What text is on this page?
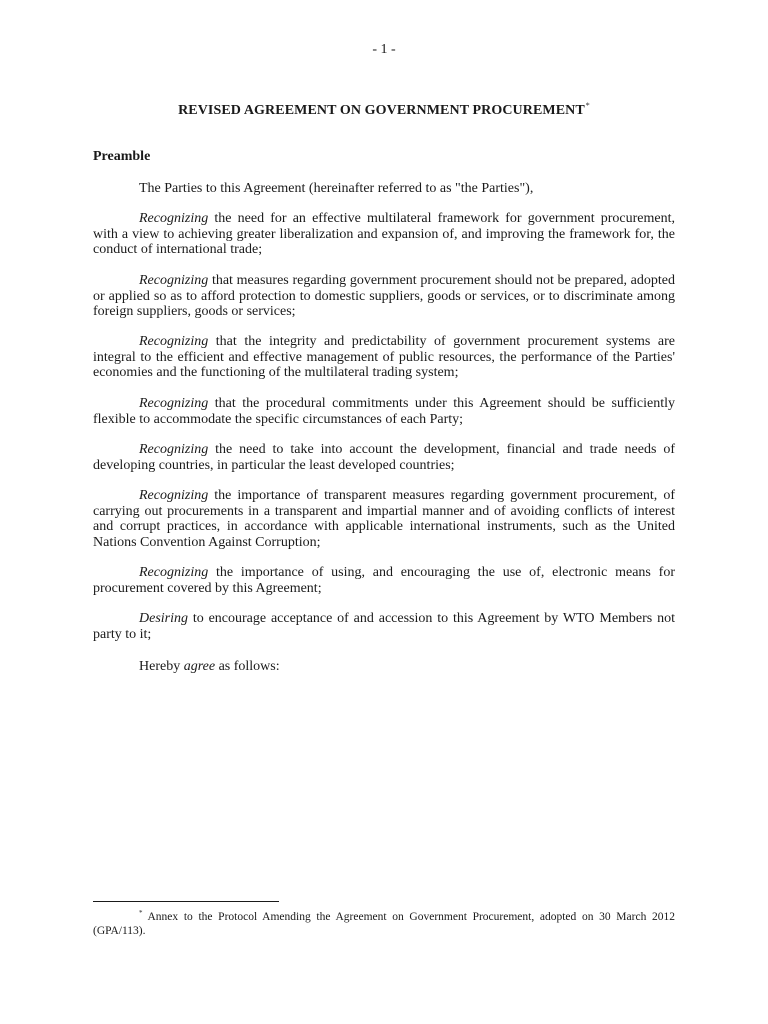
- 1 -
REVISED AGREEMENT ON GOVERNMENT PROCUREMENT*
Preamble

The Parties to this Agreement (hereinafter referred to as "the Parties"),

Recognizing the need for an effective multilateral framework for government procurement, with a view to achieving greater liberalization and expansion of, and improving the framework for, the conduct of international trade;

Recognizing that measures regarding government procurement should not be prepared, adopted or applied so as to afford protection to domestic suppliers, goods or services, or to discriminate among foreign suppliers, goods or services;

Recognizing that the integrity and predictability of government procurement systems are integral to the efficient and effective management of public resources, the performance of the Parties' economies and the functioning of the multilateral trading system;

Recognizing that the procedural commitments under this Agreement should be sufficiently flexible to accommodate the specific circumstances of each Party;

Recognizing the need to take into account the development, financial and trade needs of developing countries, in particular the least developed countries;

Recognizing the importance of transparent measures regarding government procurement, of carrying out procurements in a transparent and impartial manner and of avoiding conflicts of interest and corrupt practices, in accordance with applicable international instruments, such as the United Nations Convention Against Corruption;

Recognizing the importance of using, and encouraging the use of, electronic means for procurement covered by this Agreement;

Desiring to encourage acceptance of and accession to this Agreement by WTO Members not party to it;

Hereby agree as follows:

* Annex to the Protocol Amending the Agreement on Government Procurement, adopted on 30 March 2012 (GPA/113).
